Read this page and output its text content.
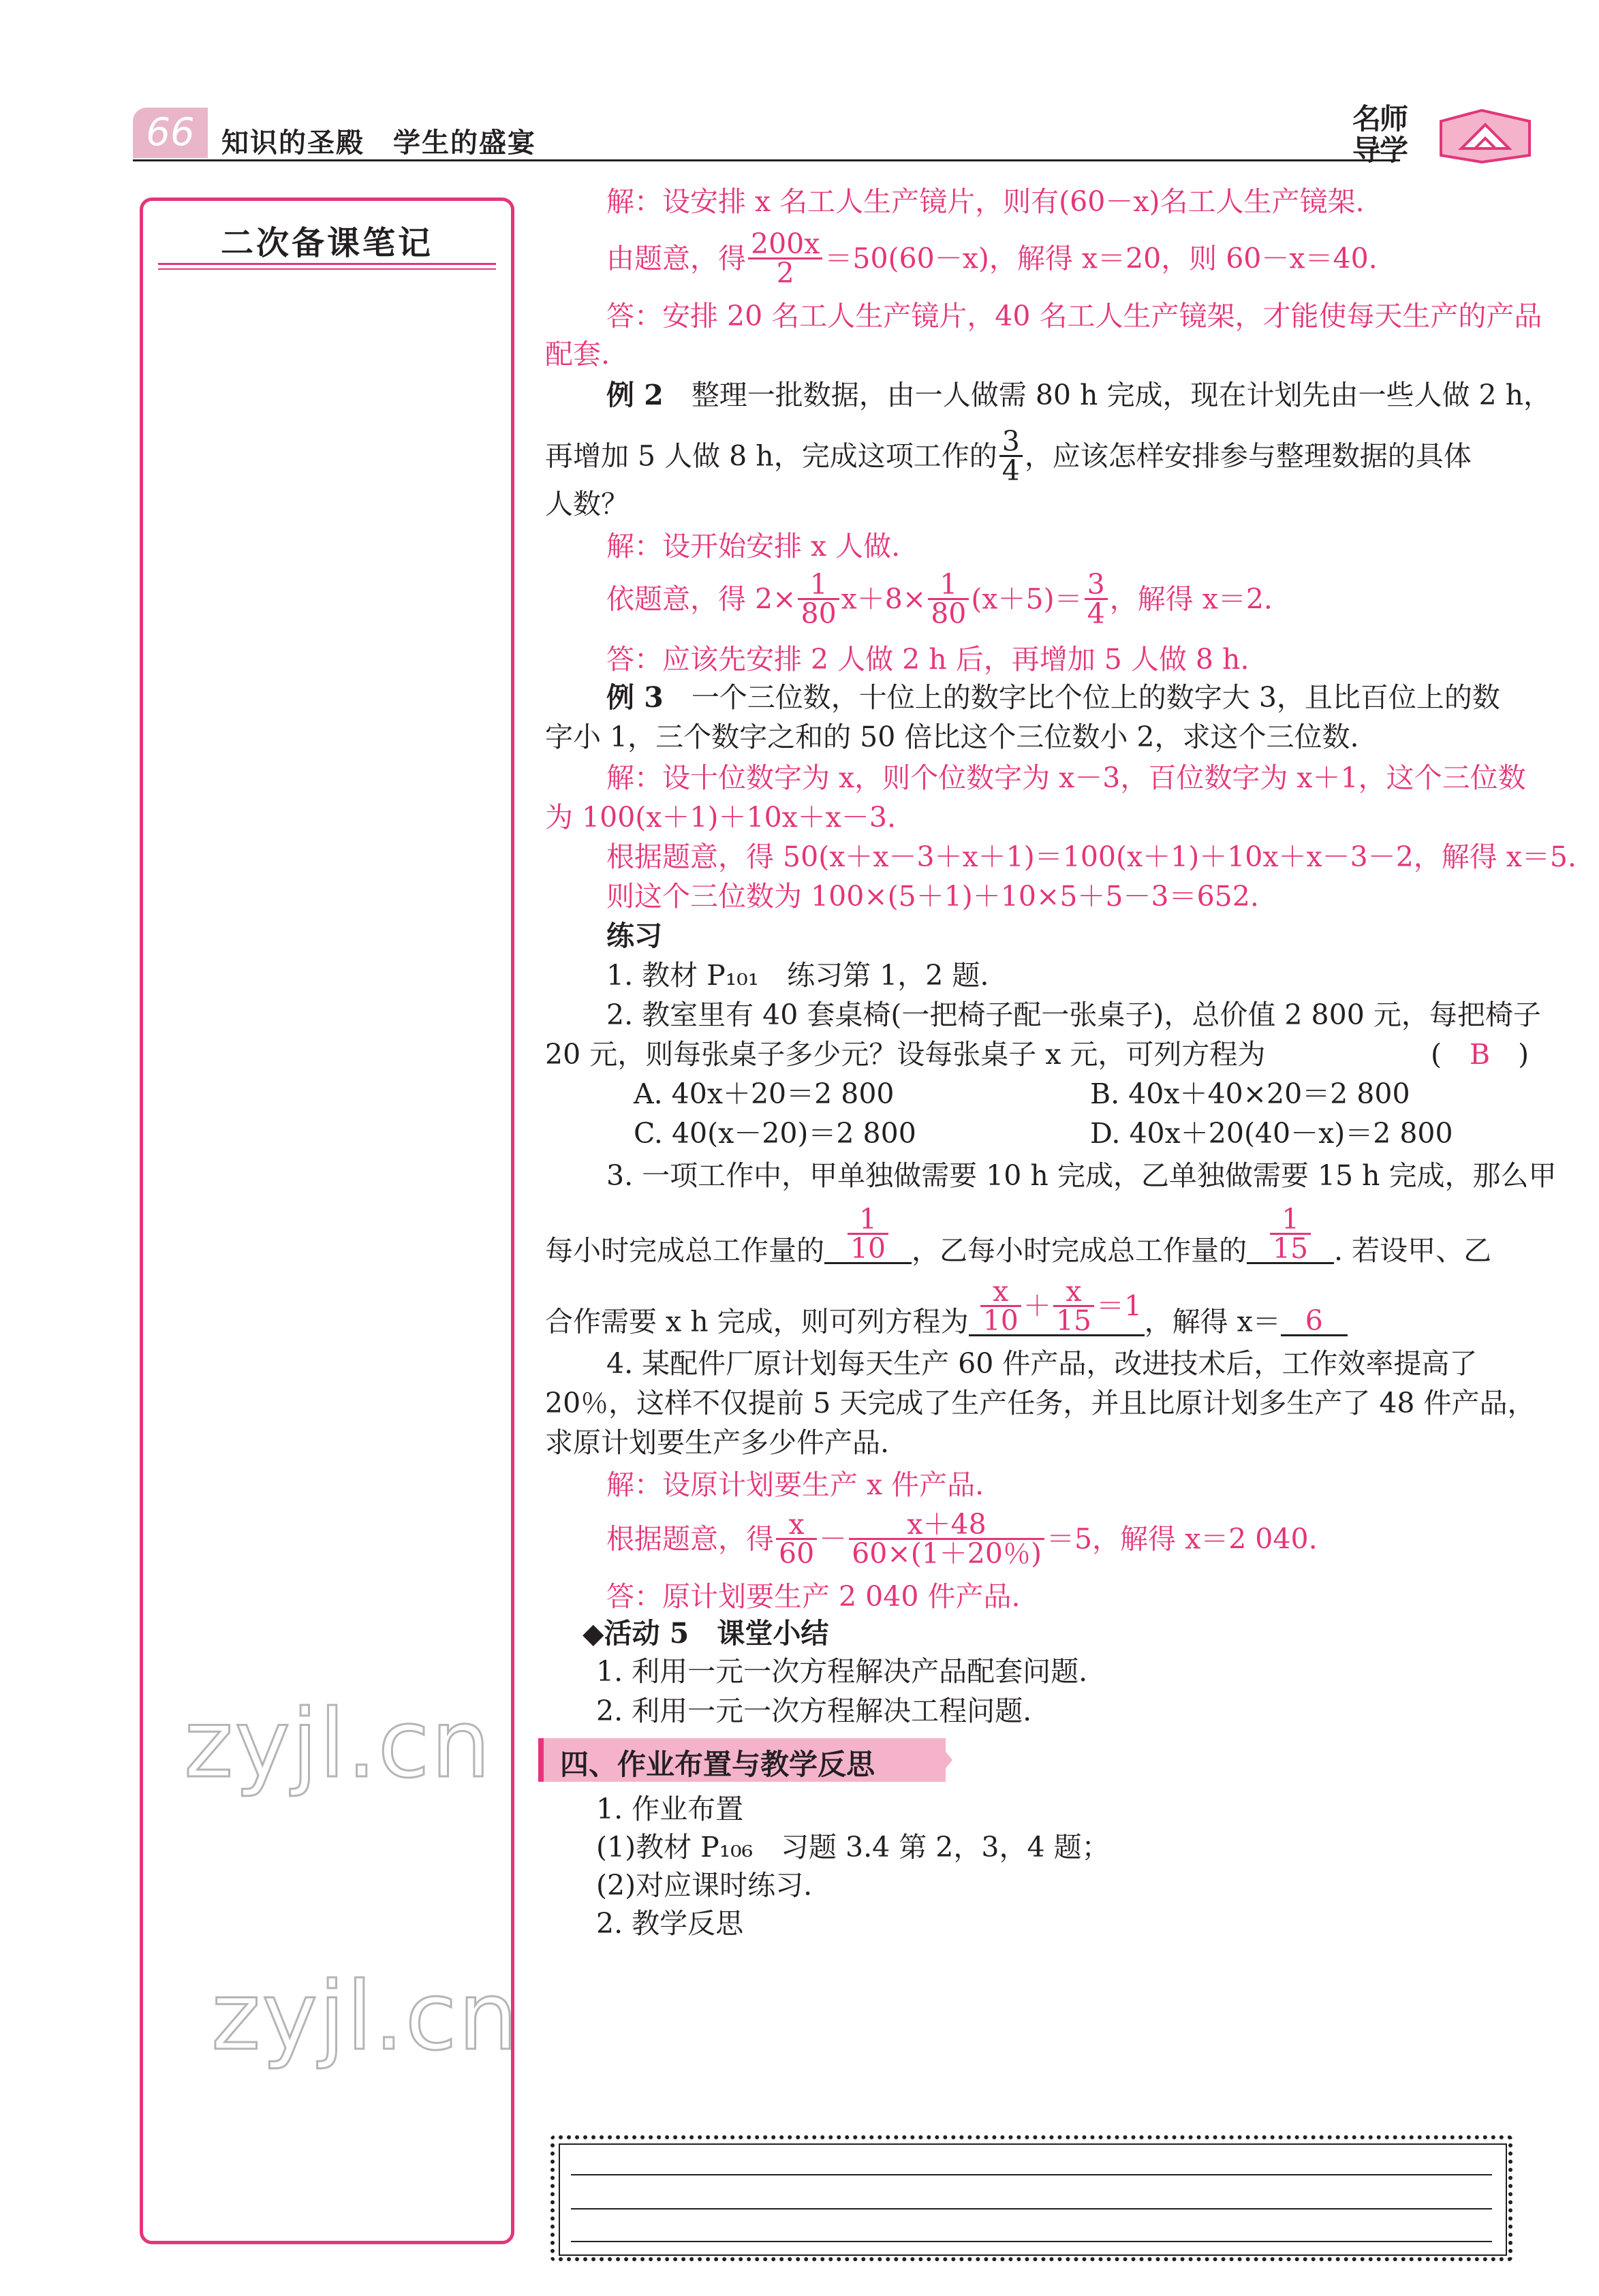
66 知识的圣殿　学生的盛宴
名师导学
二次备课笔记
zyjl.cn
zyjl.cn
解：设安排 x 名工人生产镜片，则有(60－x)名工人生产镜架.
由题意，得 $\frac{200x}{2} =50(60-x)$，解得 x＝20，则 60－x＝40.
答：安排 20 名工人生产镜片，40 名工人生产镜架，才能使每天生产的产品
配套.
例 2　 整理一批数据，由一人做需 80 h 完成，现在计划先由一些人做 2 h，
再增加 5 人做 8 h，完成这项工作的 $\frac{3}{4}$ ，应该怎样安排参与整理数据的具体
人数？
解：设开始安排 x 人做.
依题意，得 $2\times \frac{1}{80} x+8\times \frac{1}{80} (x+5)= \frac{3}{4}$ ，解得 x＝2.
答：应该先安排 2 人做 2 h 后，再增加 5 人做 8 h.
例 3　 一个三位数，十位上的数字比个位上的数字大 3，且比百位上的数
字小 1，三个数字之和的 50 倍比这个三位数小 2，求这个三位数.
解：设十位数字为 x，则个位数字为 x－3，百位数字为 x＋1，这个三位数
为 100(x＋1)＋10x＋x－3.
根据题意，得 50(x＋x－3＋x＋1)＝100(x＋1)＋10x＋x－3－2，解得 x＝5.
则这个三位数为 100×(5＋1)＋10×5＋5－3＝652.
练习
1. 教材 P₁₀₁　练习第 1，2 题.
2. 教室里有 40 套桌椅(一把椅子配一张桌子)，总价值 2 800 元，每把椅子
20 元，则每张桌子多少元？设每张桌子 x 元，可列方程为	(　B　)
A. 40x＋20＝2 800	B. 40x＋40×20＝2 800
C. 40(x－20)＝2 800	D. 40x＋20(40－x)＝2 800
3. 一项工作中，甲单独做需要 10 h 完成，乙单独做需要 15 h 完成，那么甲
每小时完成总工作量的 $\frac{1}{10}$ ，乙每小时完成总工作量的 $\frac{1}{15}$ . 若设甲、乙
合作需要 x h 完成，则可列方程为 $\frac{x}{10} + \frac{x}{15} =1$，解得 x＝ 6
4. 某配件厂原计划每天生产 60 件产品，改进技术后，工作效率提高了
20％，这样不仅提前 5 天完成了生产任务，并且比原计划多生产了 48 件产品，
求原计划要生产多少件产品.
解：设原计划要生产 x 件产品.
根据题意，得 $\frac{x}{60} - \frac{x+48}{60\times(1+20\%)} =5$，解得 x＝2 040.
答：原计划要生产 2 040 件产品.
◆活动 5　课堂小结
1. 利用一元一次方程解决产品配套问题.
2. 利用一元一次方程解决工程问题.
1. 作业布置
(1)教材 P₁₀₆　习题 3.4 第 2，3，4 题；
(2)对应课时练习.
2. 教学反思
四、作业布置与教学反思
